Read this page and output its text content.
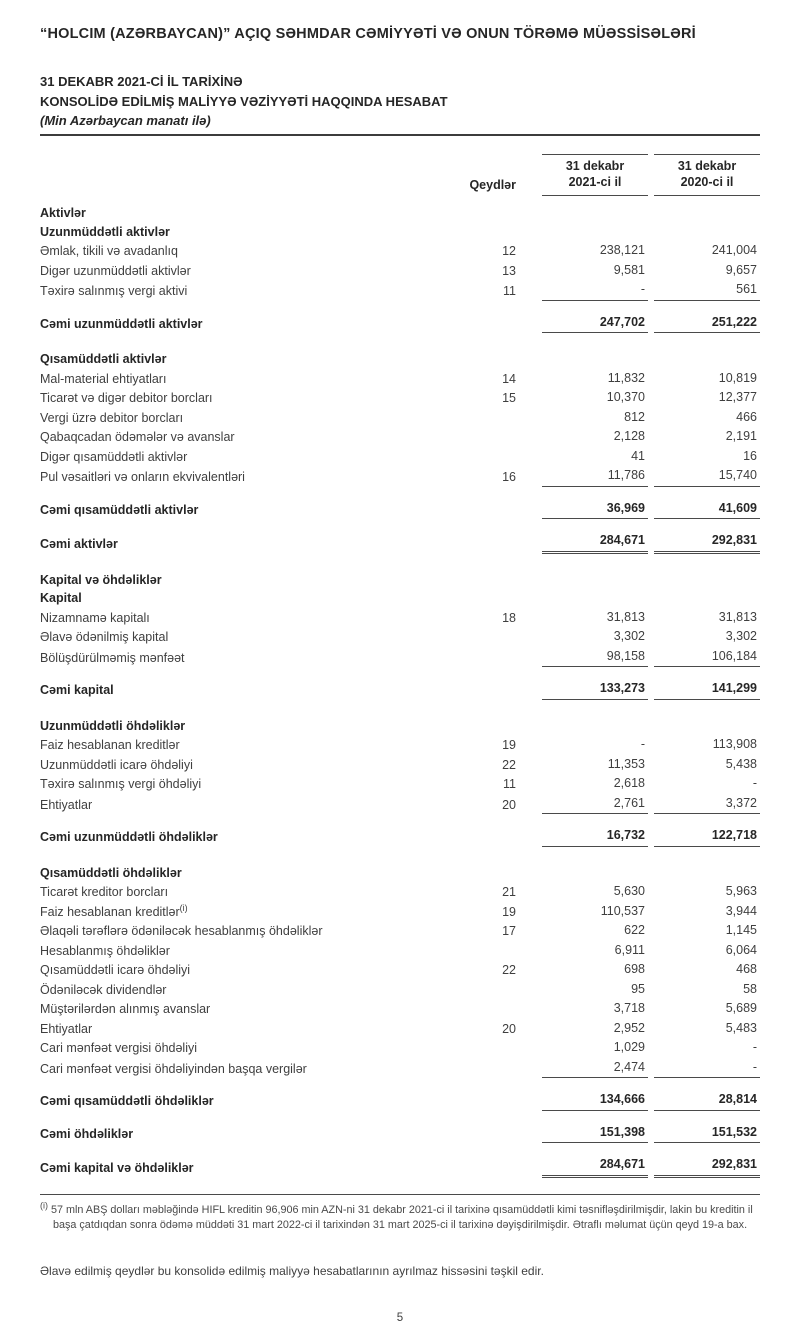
“HOLCIM (AZƏRBAYCAN)” AÇIQ SƏHMDAR CƏMİYYƏTİ VƏ ONUN TÖRƏMƏ MÜƏSSİSƏLƏRİ
31 DEKABR 2021-Cİ İL TARİXİNƏ
KONSOLİDƏ EDİLMİŞ MALİYYƏ VƏZİYYƏTİ HAQQINDA HESABAT
(Min Azərbaycan manatı ilə)
Qeydlər
31 dekabr
2021-ci il
31 dekabr
2020-ci il
Aktivlər
Uzunmüddətli aktivlər
Əmlak, tikili və avadanlıq	12	238,121	241,004
Digər uzunmüddətli aktivlər	13	9,581	9,657
Təxirə salınmış vergi aktivi	11	-	561
Cəmi uzunmüddətli aktivlər	247,702	251,222
Qısamüddətli aktivlər
Mal-material ehtiyatları	14	11,832	10,819
Ticarət və digər debitor borcları	15	10,370	12,377
Vergi üzrə debitor borcları	812	466
Qabaqcadan ödəmələr və avanslar	2,128	2,191
Digər qısamüddətli aktivlər	41	16
Pul vəsaitləri və onların ekvivalentləri	16	11,786	15,740
Cəmi qısamüddətli aktivlər	36,969	41,609
Cəmi aktivlər	284,671	292,831
Kapital və öhdəliklər
Kapital
Nizamnamə kapitalı	18	31,813	31,813
Əlavə ödənilmiş kapital	3,302	3,302
Bölüşdürülməmiş mənfəət	98,158	106,184
Cəmi kapital	133,273	141,299
Uzunmüddətli öhdəliklər
Faiz hesablanan kreditlər	19	-	113,908
Uzunmüddətli icarə öhdəliyi	22	11,353	5,438
Təxirə salınmış vergi öhdəliyi	11	2,618	-
Ehtiyatlar	20	2,761	3,372
Cəmi uzunmüddətli öhdəliklər	16,732	122,718
Qısamüddətli öhdəliklər
Ticarət kreditor borcları	21	5,630	5,963
Faiz hesablanan kreditlər$^{(i)}$	19	110,537	3,944
Əlaqəli tərəflərə ödəniləcək hesablanmış öhdəliklər	17	622	1,145
Hesablanmış öhdəliklər	6,911	6,064
Qısamüddətli icarə öhdəliyi	22	698	468
Ödəniləcək dividendlər	95	58
Müştərilərdən alınmış avanslar	3,718	5,689
Ehtiyatlar	20	2,952	5,483
Cari mənfəət vergisi öhdəliyi	1,029	-
Cari mənfəət vergisi öhdəliyindən başqa vergilər	2,474	-
Cəmi qısamüddətli öhdəliklər	134,666	28,814
Cəmi öhdəliklər	151,398	151,532
Cəmi kapital və öhdəliklər	284,671	292,831
$^{(i)}$ 57 mln ABŞ dolları məbləğində HIFL kreditin 96,906 min AZN-ni 31 dekabr 2021-ci il tarixinə qısamüddətli kimi təsnifləşdirilmişdir, lakin bu kreditin il başa çatdıqdan sonra ödəmə müddəti 31 mart 2022-ci il tarixindən 31 mart 2025-ci il tarixinə dəyişdirilmişdir. Ətraflı məlumat üçün qeyd 19-a bax.
Əlavə edilmiş qeydlər bu konsolidə edilmiş maliyyə hesabatlarının ayrılmaz hissəsini təşkil edir.
5
